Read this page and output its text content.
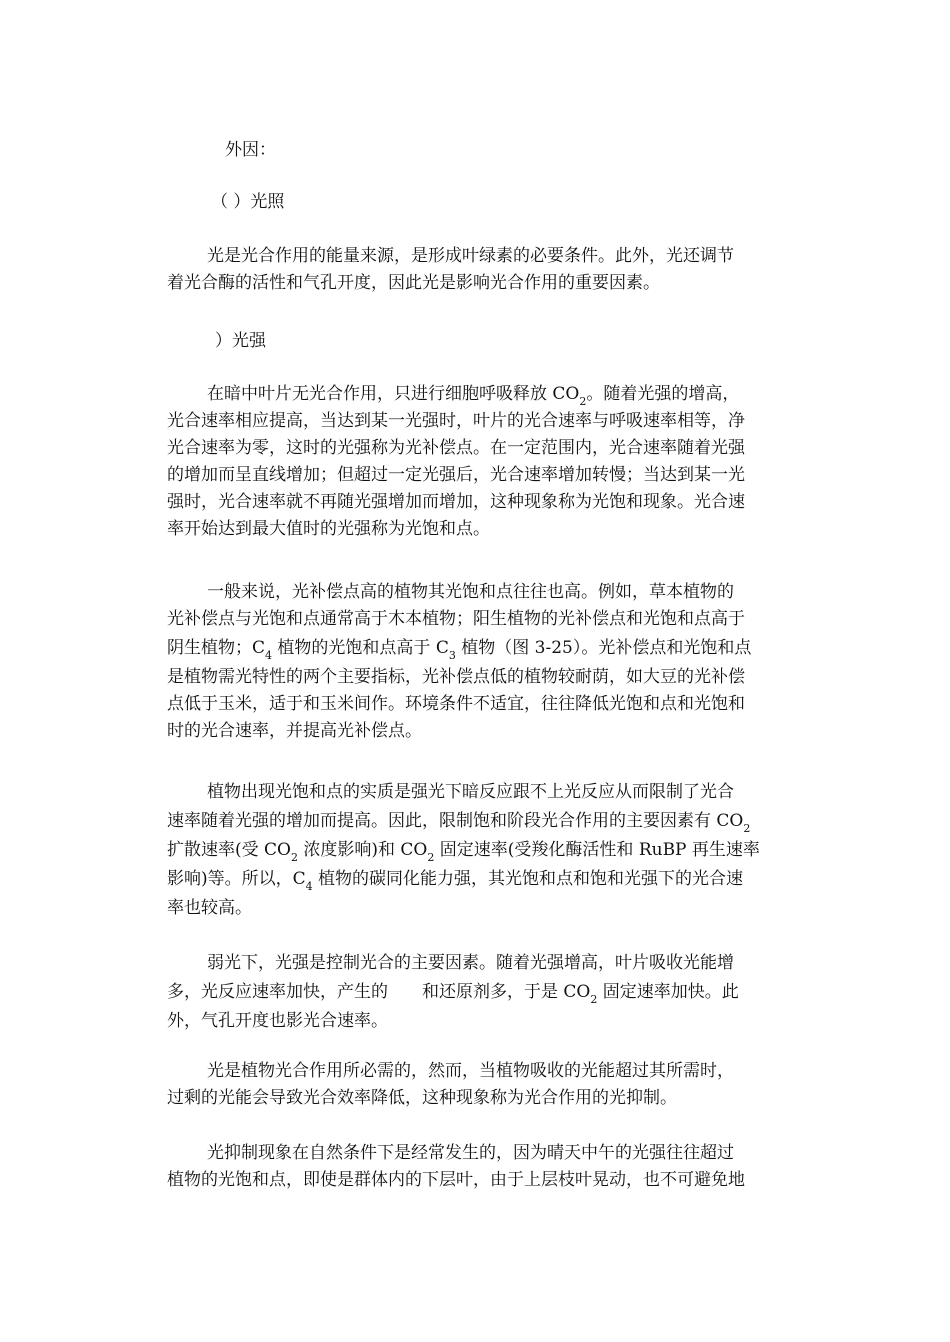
外因：
（ ）光照
光是光合作用的能量来源，是形成叶绿素的必要条件。此外，光还调节
着光合酶的活性和气孔开度，因此光是影响光合作用的重要因素。
）光强
在暗中叶片无光合作用，只进行细胞呼吸释放 $CO_2$。随着光强的增高，
光合速率相应提高，当达到某一光强时，叶片的光合速率与呼吸速率相等，净
光合速率为零，这时的光强称为光补偿点。在一定范围内，光合速率随着光强
的增加而呈直线增加；但超过一定光强后，光合速率增加转慢；当达到某一光
强时，光合速率就不再随光强增加而增加，这种现象称为光饱和现象。光合速
率开始达到最大值时的光强称为光饱和点。
一般来说，光补偿点高的植物其光饱和点往往也高。例如，草本植物的
光补偿点与光饱和点通常高于木本植物；阳生植物的光补偿点和光饱和点高于
阴生植物；$C_4$ 植物的光饱和点高于 $C_3$ 植物（图 3-25）。光补偿点和光饱和点
是植物需光特性的两个主要指标，光补偿点低的植物较耐荫，如大豆的光补偿
点低于玉米，适于和玉米间作。环境条件不适宜，往往降低光饱和点和光饱和
时的光合速率，并提高光补偿点。
植物出现光饱和点的实质是强光下暗反应跟不上光反应从而限制了光合
速率随着光强的增加而提高。因此，限制饱和阶段光合作用的主要因素有 $CO_2$
扩散速率(受 $CO_2$ 浓度影响)和 $CO_2$ 固定速率(受羧化酶活性和 RuBP 再生速率
影响)等。所以，$C_4$ 植物的碳同化能力强，其光饱和点和饱和光强下的光合速
率也较高。
弱光下，光强是控制光合的主要因素。随着光强增高，叶片吸收光能增
多，光反应速率加快，产生的　　和还原剂多，于是 $CO_2$ 固定速率加快。此
外，气孔开度也影光合速率。
光是植物光合作用所必需的，然而，当植物吸收的光能超过其所需时，
过剩的光能会导致光合效率降低，这种现象称为光合作用的光抑制。
光抑制现象在自然条件下是经常发生的，因为晴天中午的光强往往超过
植物的光饱和点，即使是群体内的下层叶，由于上层枝叶晃动，也不可避免地
